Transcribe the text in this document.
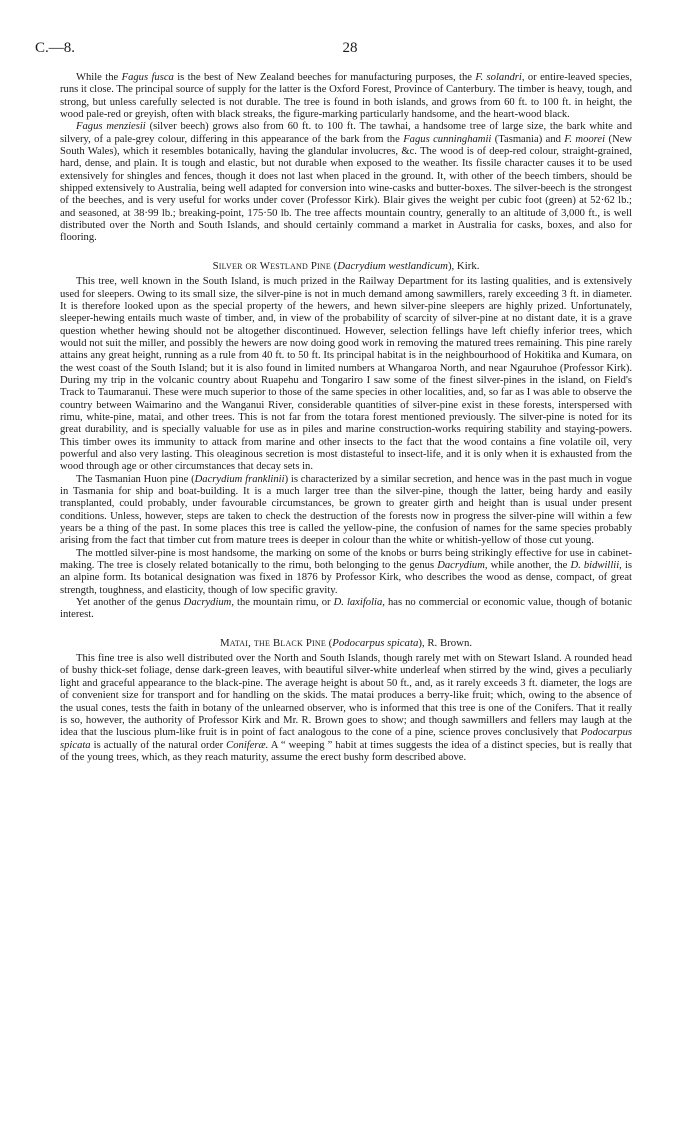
C.—8.	28

While the Fagus fusca is the best of New Zealand beeches for manufacturing purposes, the F. solandri, or entire-leaved species, runs it close. The principal source of supply for the latter is the Oxford Forest, Province of Canterbury. The timber is heavy, tough, and strong, but unless carefully selected is not durable. The tree is found in both islands, and grows from 60 ft. to 100 ft. in height, the wood pale-red or greyish, often with black streaks, the figure-marking particularly handsome, and the heart-wood black.

Fagus menziesii (silver beech) grows also from 60 ft. to 100 ft. The tawhai, a handsome tree of large size, the bark white and silvery, of a pale-grey colour, differing in this appearance of the bark from the Fagus cunninghamii (Tasmania) and F. moorei (New South Wales), which it resembles botanically, having the glandular involucres, &c. The wood is of deep-red colour, straight-grained, hard, dense, and plain. It is tough and elastic, but not durable when exposed to the weather. Its fissile character causes it to be used extensively for shingles and fences, though it does not last when placed in the ground. It, with other of the beech timbers, should be shipped extensively to Australia, being well adapted for conversion into wine-casks and butter-boxes. The silver-beech is the strongest of the beeches, and is very useful for works under cover (Professor Kirk). Blair gives the weight per cubic foot (green) at 52·62 lb.; and seasoned, at 38·99 lb.; breaking-point, 175·50 lb. The tree affects mountain country, generally to an altitude of 3,000 ft., is well distributed over the North and South Islands, and should certainly command a market in Australia for casks, boxes, and also for flooring.

Silver or Westland Pine (Dacrydium westlandicum), Kirk.

This tree, well known in the South Island, is much prized in the Railway Department for its lasting qualities, and is extensively used for sleepers. Owing to its small size, the silver-pine is not in much demand among sawmillers, rarely exceeding 3 ft. in diameter. It is therefore looked upon as the special property of the hewers, and hewn silver-pine sleepers are highly prized. Unfortunately, sleeper-hewing entails much waste of timber, and, in view of the probability of scarcity of silver-pine at no distant date, it is a grave question whether hewing should not be altogether discontinued. However, selection fellings have left chiefly inferior trees, which would not suit the miller, and possibly the hewers are now doing good work in removing the matured trees remaining. This pine rarely attains any great height, running as a rule from 40 ft. to 50 ft. Its principal habitat is in the neighbourhood of Hokitika and Kumara, on the west coast of the South Island; but it is also found in limited numbers at Whangaroa North, and near Ngauruhoe (Professor Kirk). During my trip in the volcanic country about Ruapehu and Tongariro I saw some of the finest silver-pines in the island, on Field's Track to Taumaranui. These were much superior to those of the same species in other localities, and, so far as I was able to observe the country between Waimarino and the Wanganui River, considerable quantities of silver-pine exist in these forests, interspersed with rimu, white-pine, matai, and other trees. This is not far from the totara forest mentioned previously. The silver-pine is noted for its great durability, and is specially valuable for use as in piles and marine construction-works requiring stability and staying-powers. This timber owes its immunity to attack from marine and other insects to the fact that the wood contains a fine volatile oil, very powerful and also very lasting. This oleaginous secretion is most distasteful to insect-life, and it is only when it is exhausted from the wood through age or other circumstances that decay sets in.

The Tasmanian Huon pine (Dacrydium franklinii) is characterized by a similar secretion, and hence was in the past much in vogue in Tasmania for ship and boat-building. It is a much larger tree than the silver-pine, though the latter, being hardy and easily transplanted, could probably, under favourable circumstances, be grown to greater girth and height than is usual under present conditions. Unless, however, steps are taken to check the destruction of the forests now in progress the silver-pine will within a few years be a thing of the past. In some places this tree is called the yellow-pine, the confusion of names for the same species probably arising from the fact that timber cut from mature trees is deeper in colour than the white or whitish-yellow of those cut young.

The mottled silver-pine is most handsome, the marking on some of the knobs or burrs being strikingly effective for use in cabinet-making. The tree is closely related botanically to the rimu, both belonging to the genus Dacrydium, while another, the D. bidwillii, is an alpine form. Its botanical designation was fixed in 1876 by Professor Kirk, who describes the wood as dense, compact, of great strength, toughness, and elasticity, though of low specific gravity.

Yet another of the genus Dacrydium, the mountain rimu, or D. laxifolia, has no commercial or economic value, though of botanic interest.

Matai, the Black Pine (Podocarpus spicata), R. Brown.

This fine tree is also well distributed over the North and South Islands, though rarely met with on Stewart Island. A rounded head of bushy thick-set foliage, dense dark-green leaves, with beautiful silver-white underleaf when stirred by the wind, gives a peculiarly light and graceful appearance to the black-pine. The average height is about 50 ft., and, as it rarely exceeds 3 ft. diameter, the logs are of convenient size for transport and for handling on the skids. The matai produces a berry-like fruit; which, owing to the absence of the usual cones, tests the faith in botany of the unlearned observer, who is informed that this tree is one of the Conifers. That it really is so, however, the authority of Professor Kirk and Mr. R. Brown goes to show; and though sawmillers and fellers may laugh at the idea that the luscious plum-like fruit is in point of fact analogous to the cone of a pine, science proves conclusively that Podocarpus spicata is actually of the natural order Coniferæ. A “ weeping ” habit at times suggests the idea of a distinct species, but is really that of the young trees, which, as they reach maturity, assume the erect bushy form described above.
